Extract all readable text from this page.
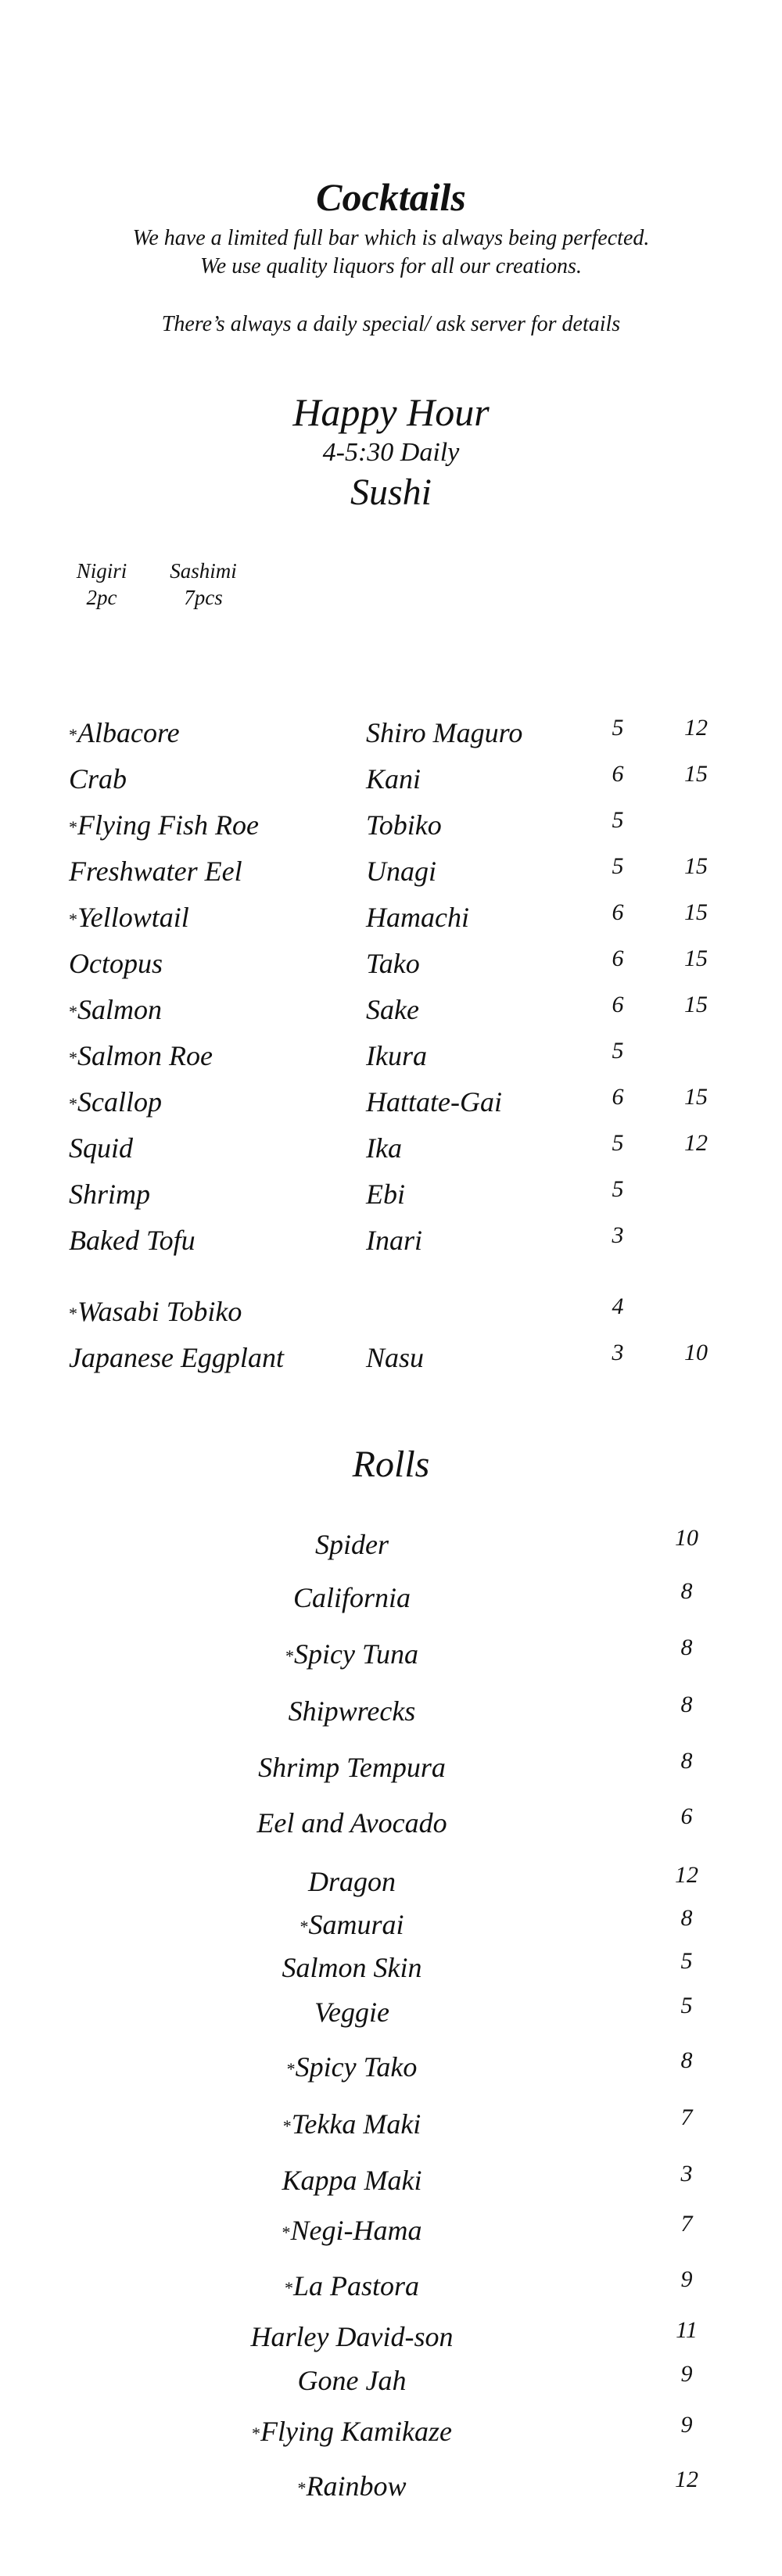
Cocktails
We have a limited full bar which is always being perfected.
We use quality liquors for all our creations.
There’s always a daily special/ ask server for details
Happy Hour
4-5:30 Daily
Sushi
Nigiri
2pc
Sashimi
7pcs
*Albacore	Shiro Maguro	5	12
Crab	Kani	6	15
*Flying Fish Roe	Tobiko	5
Freshwater Eel	Unagi	5	15
*Yellowtail	Hamachi	6	15
Octopus	Tako	6	15
*Salmon	Sake	6	15
*Salmon Roe	Ikura	5
*Scallop	Hattate-Gai	6	15
Squid	Ika	5	12
Shrimp	Ebi	5
Baked Tofu	Inari	3
*Wasabi Tobiko	4
Japanese Eggplant	Nasu	3	10
Rolls
Spider	10
California	8
*Spicy Tuna	8
Shipwrecks	8
Shrimp Tempura	8
Eel and Avocado	6
Dragon	12
*Samurai	8
Salmon Skin	5
Veggie	5
*Spicy Tako	8
*Tekka Maki	7
Kappa Maki	3
*Negi-Hama	7
*La Pastora	9
Harley David-son	11
Gone Jah	9
*Flying Kamikaze	9
*Rainbow	12
